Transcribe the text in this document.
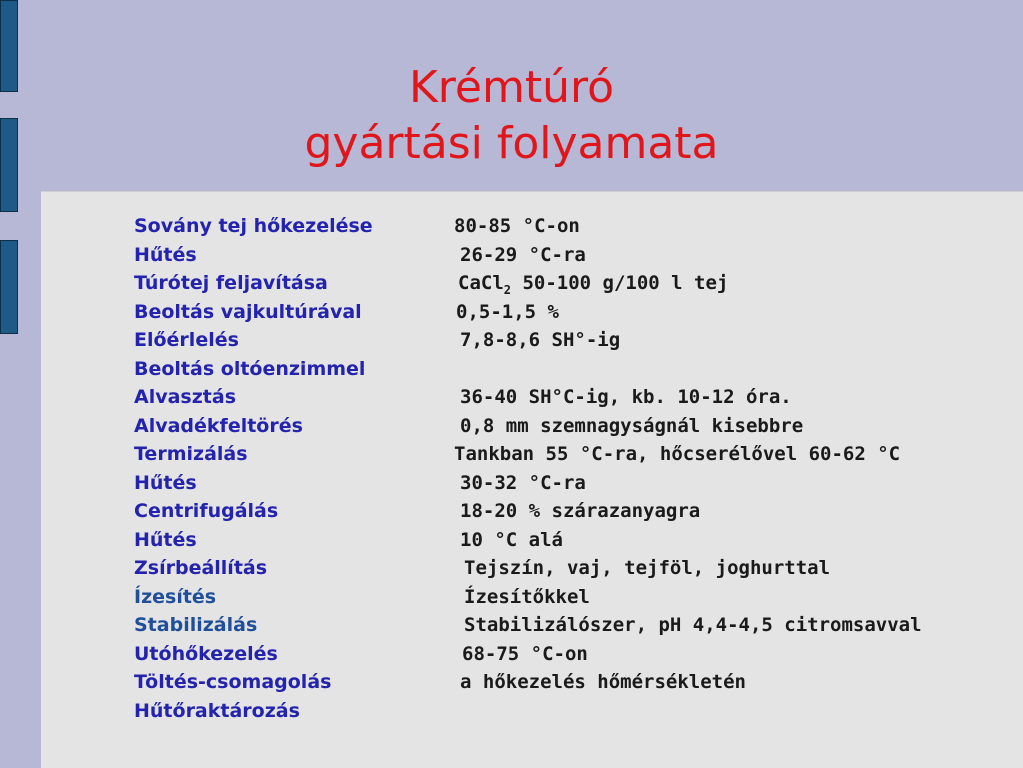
Krémtúró
gyártási folyamata
Sovány tej hőkezelése	80-85 °C-on
Hűtés	26-29 °C-ra
Túrótej feljavítása	CaCl$_2$ 50-100 g/100 l tej
Beoltás vajkultúrával	0,5-1,5 %
Előérlelés	7,8-8,6 SH°-ig
Beoltás oltóenzimmel
Alvasztás	36-40 SH°C-ig, kb. 10-12 óra.
Alvadékfeltörés	0,8 mm szemnagyságnál kisebbre
Termizálás	Tankban 55 °C-ra, hőcserélővel 60-62 °C
Hűtés	30-32 °C-ra
Centrifugálás	18-20 % szárazanyagra
Hűtés	10 °C alá
Zsírbeállítás	Tejszín, vaj, tejföl, joghurttal
Ízesítés	Ízesítőkkel
Stabilizálás	Stabilizálószer, pH 4,4-4,5 citromsavval
Utóhőkezelés	68-75 °C-on
Töltés-csomagolás	a hőkezelés hőmérsékletén
Hűtőraktározás
